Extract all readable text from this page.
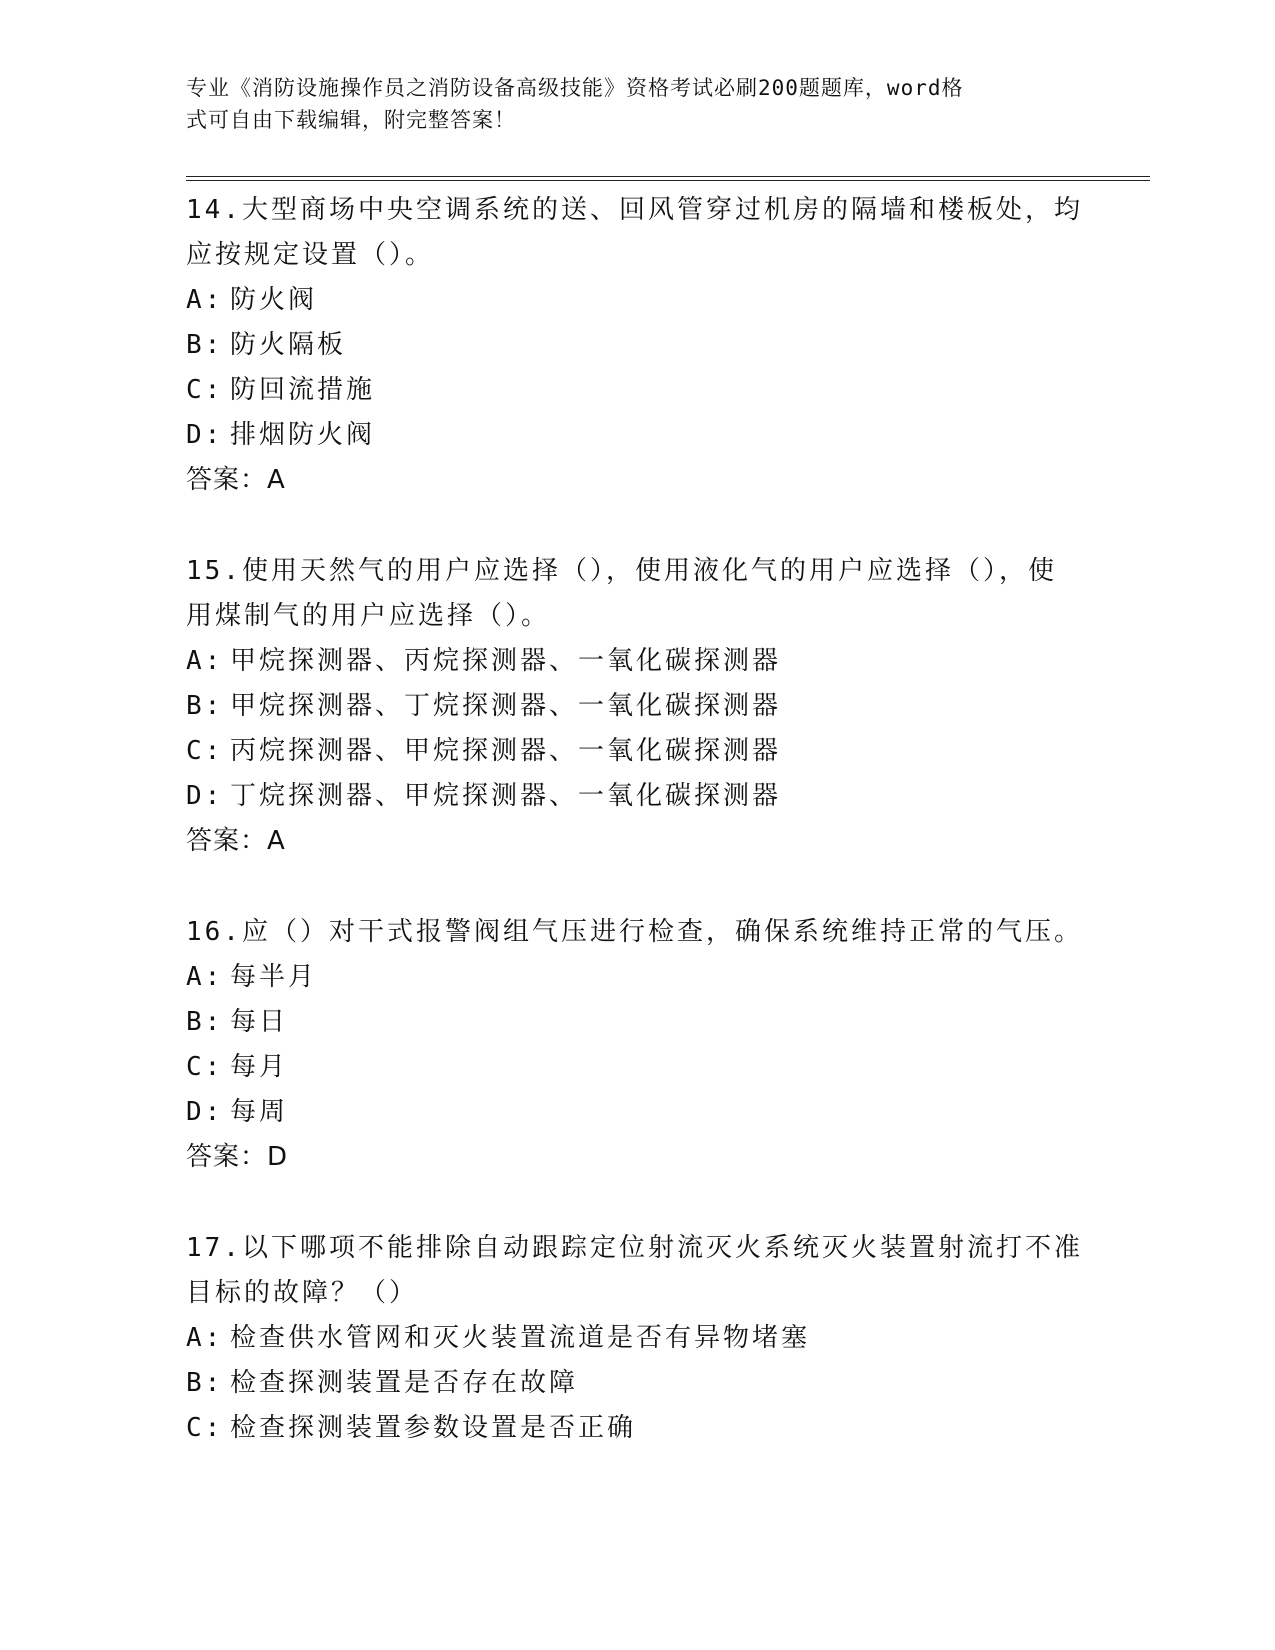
专业《消防设施操作员之消防设备高级技能》资格考试必刷200题题库，word格
式可自由下载编辑，附完整答案！
14.大型商场中央空调系统的送、回风管穿过机房的隔墙和楼板处，均
应按规定设置（）。
A: 防火阀
B: 防火隔板
C: 防回流措施
D: 排烟防火阀
答案：A
15.使用天然气的用户应选择（），使用液化气的用户应选择（），使
用煤制气的用户应选择（）。
A: 甲烷探测器、丙烷探测器、一氧化碳探测器
B: 甲烷探测器、丁烷探测器、一氧化碳探测器
C: 丙烷探测器、甲烷探测器、一氧化碳探测器
D: 丁烷探测器、甲烷探测器、一氧化碳探测器
答案：A
16.应（）对干式报警阀组气压进行检查，确保系统维持正常的气压。
A: 每半月
B: 每日
C: 每月
D: 每周
答案：D
17.以下哪项不能排除自动跟踪定位射流灭火系统灭火装置射流打不准
目标的故障？（）
A: 检查供水管网和灭火装置流道是否有异物堵塞
B: 检查探测装置是否存在故障
C: 检查探测装置参数设置是否正确
